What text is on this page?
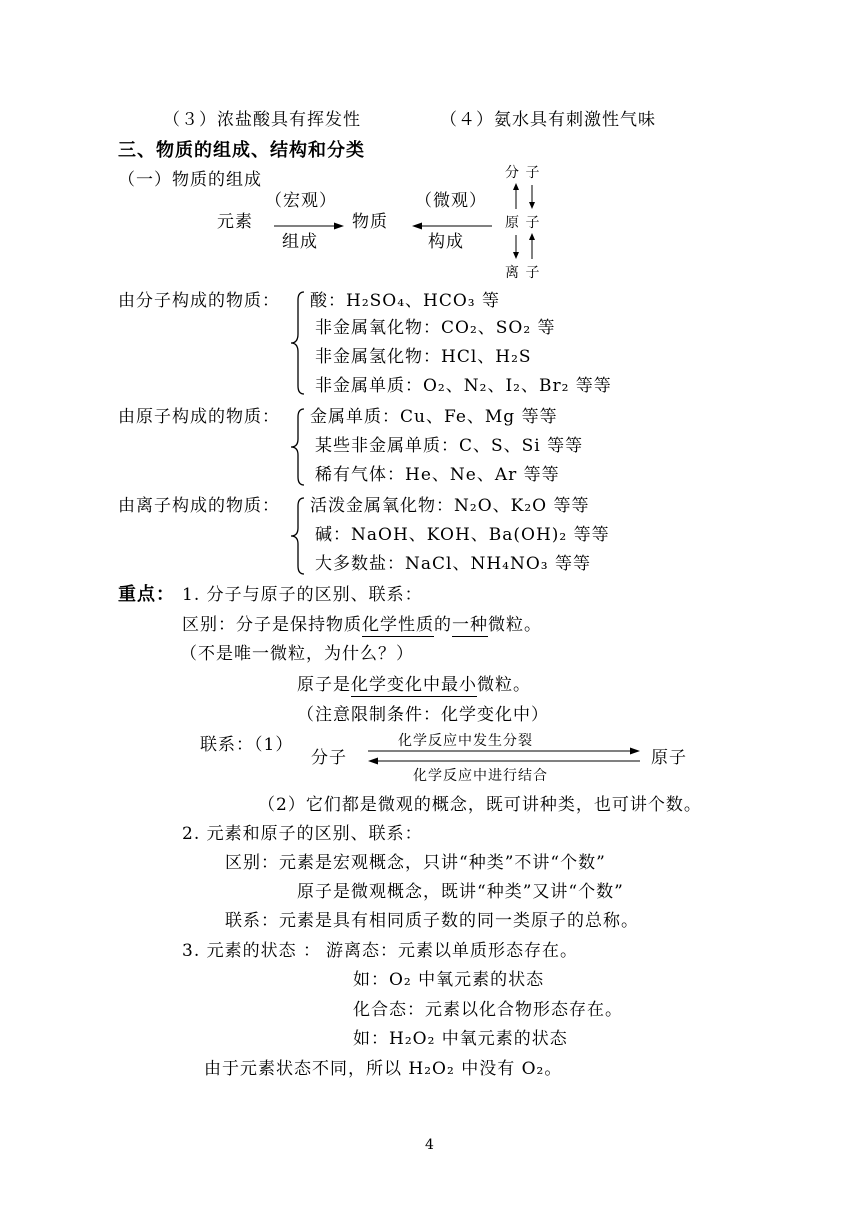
（３）浓盐酸具有挥发性	（４）氨水具有刺激性气味
三、物质的组成、结构和分类
（一）物质的组成
元素
（宏观）
组成
物质
（微观）
构成
分 子
原 子
离 子
由分子构成的物质： 酸：H₂SO₄、HCO₃ 等
非金属氧化物：CO₂、SO₂ 等
非金属氢化物：HCl、H₂S
非金属单质：O₂、N₂、I₂、Br₂ 等等
由原子构成的物质： 金属单质：Cu、Fe、Mg 等等
某些非金属单质：C、S、Si 等等
稀有气体：He、Ne、Ar 等等
由离子构成的物质： 活泼金属氧化物：N₂O、K₂O 等等
碱：NaOH、KOH、Ba(OH)₂ 等等
大多数盐：NaCl、NH₄NO₃ 等等
重点： 1. 分子与原子的区别、联系：
区别：分子是保持物质化学性质的一种微粒。
（不是唯一微粒，为什么？）
原子是化学变化中最小微粒。
（注意限制条件：化学变化中）
联系：（1）
分子
化学反应中发生分裂
化学反应中进行结合
原子
（2）它们都是微观的概念，既可讲种类，也可讲个数。
2. 元素和原子的区别、联系：
区别：元素是宏观概念，只讲“种类”不讲“个数”
原子是微观概念，既讲“种类”又讲“个数”
联系：元素是具有相同质子数的同一类原子的总称。
3. 元素的状态 ： 游离态：元素以单质形态存在。
如：O₂ 中氧元素的状态
化合态：元素以化合物形态存在。
如：H₂O₂ 中氧元素的状态
由于元素状态不同，所以 H₂O₂ 中没有 O₂。
4
